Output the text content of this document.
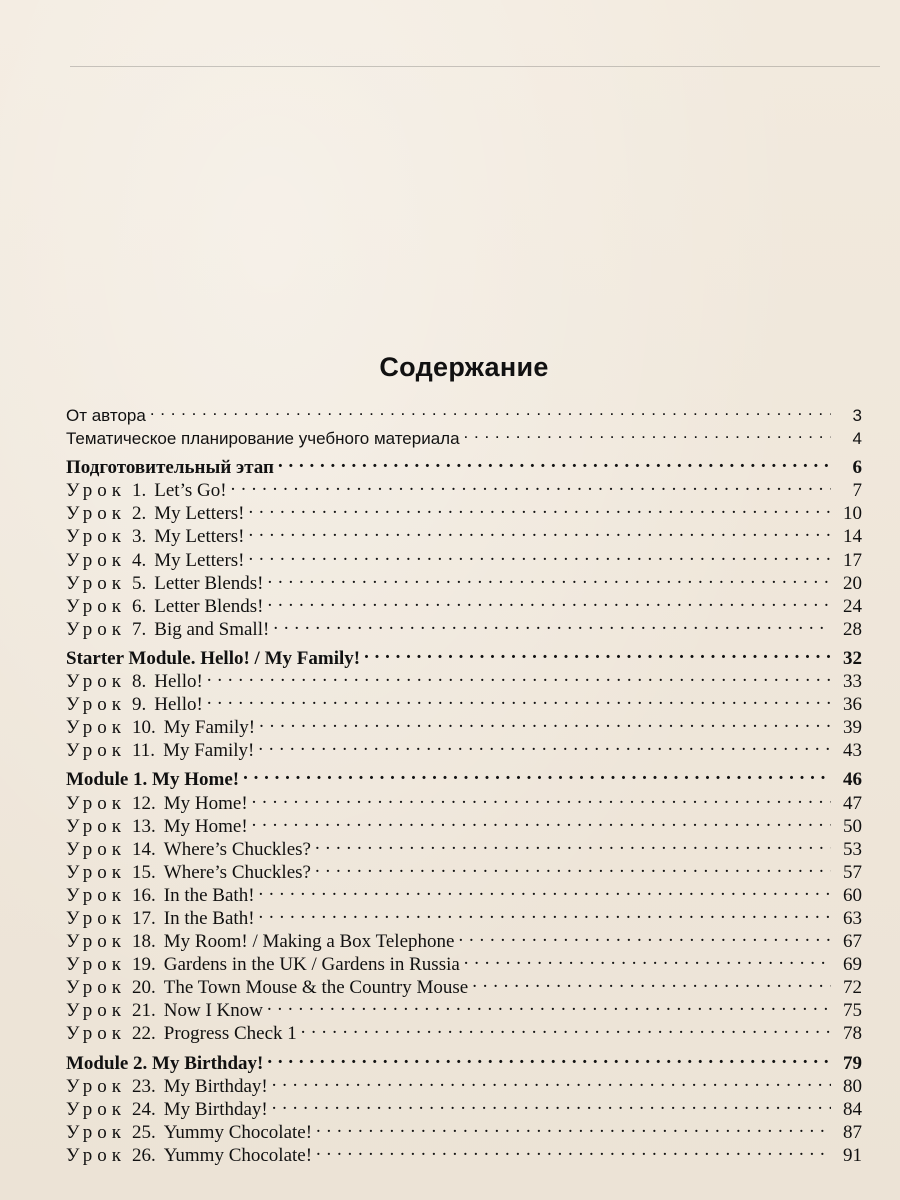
Содержание
От автора . . .	3
Тематическое планирование учебного материала . . .	4
Подготовительный этап . . .	6
Урок 1. Let’s Go! . . .	7
Урок 2. My Letters! . . .	10
Урок 3. My Letters! . . .	14
Урок 4. My Letters! . . .	17
Урок 5. Letter Blends! . . .	20
Урок 6. Letter Blends! . . .	24
Урок 7. Big and Small! . . .	28
Starter Module. Hello! / My Family! . . .	32
Урок 8. Hello! . . .	33
Урок 9. Hello! . . .	36
Урок 10. My Family! . . .	39
Урок 11. My Family! . . .	43
Module 1. My Home! . . .	46
Урок 12. My Home! . . .	47
Урок 13. My Home! . . .	50
Урок 14. Where’s Chuckles? . . .	53
Урок 15. Where’s Chuckles? . . .	57
Урок 16. In the Bath! . . .	60
Урок 17. In the Bath! . . .	63
Урок 18. My Room! / Making a Box Telephone . . .	67
Урок 19. Gardens in the UK / Gardens in Russia . . .	69
Урок 20. The Town Mouse & the Country Mouse . . .	72
Урок 21. Now I Know . . .	75
Урок 22. Progress Check 1 . . .	78
Module 2. My Birthday! . . .	79
Урок 23. My Birthday! . . .	80
Урок 24. My Birthday! . . .	84
Урок 25. Yummy Chocolate! . . .	87
Урок 26. Yummy Chocolate! . . .	91
